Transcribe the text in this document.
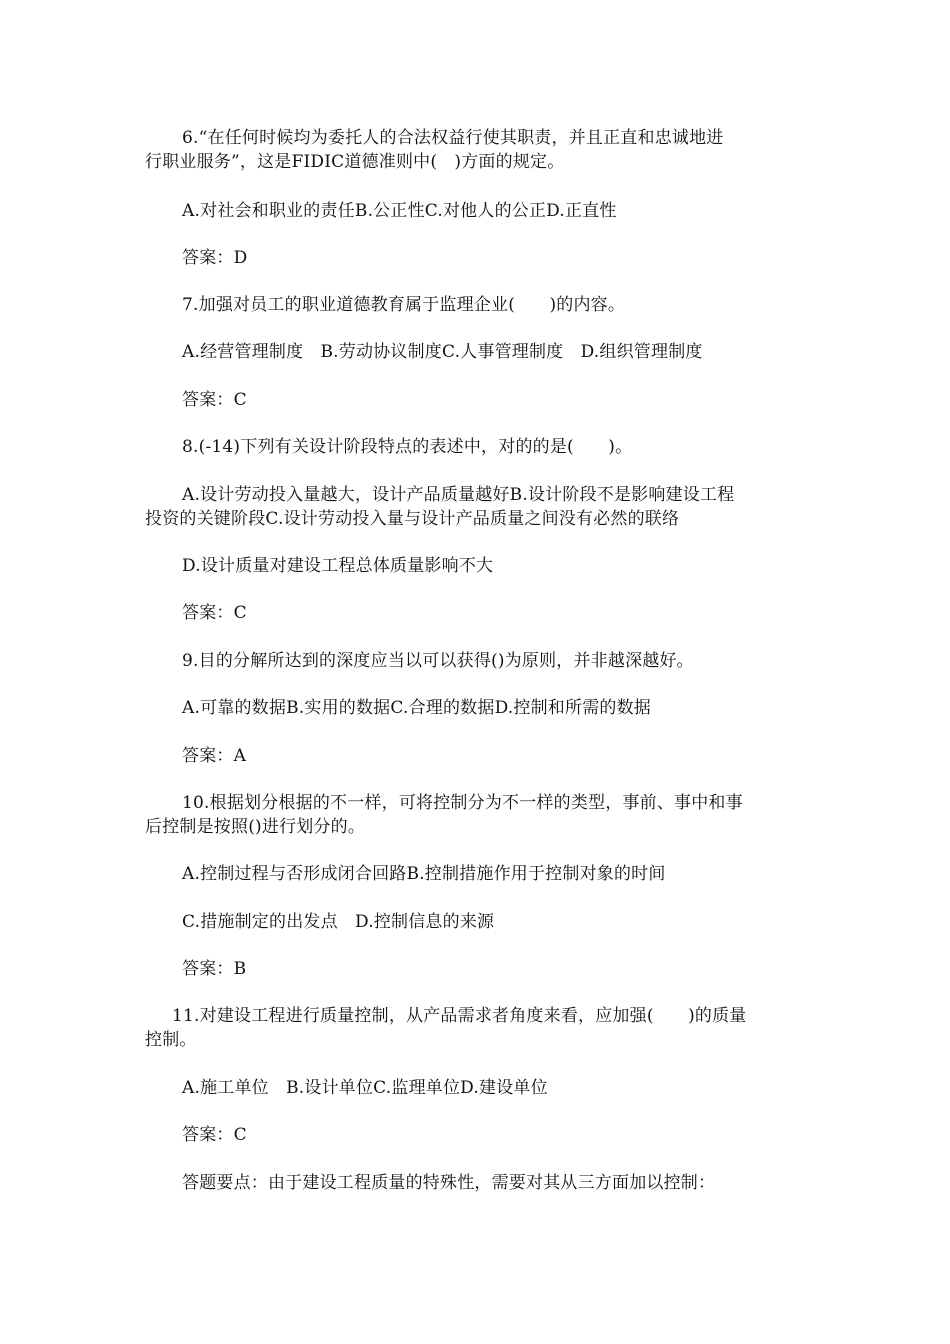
6.“在任何时候均为委托人的合法权益行使其职责，并且正直和忠诚地进

行职业服务”，这是FIDIC道德准则中(　)方面的规定。

A.对社会和职业的责任B.公正性C.对他人的公正D.正直性

答案：D

7.加强对员工的职业道德教育属于监理企业(　　)的内容。

A.经营管理制度　B.劳动协议制度C.人事管理制度　D.组织管理制度

答案：C

8.(-14)下列有关设计阶段特点的表述中，对的的是(　　)。

A.设计劳动投入量越大，设计产品质量越好B.设计阶段不是影响建设工程

投资的关键阶段C.设计劳动投入量与设计产品质量之间没有必然的联络

D.设计质量对建设工程总体质量影响不大

答案：C

9.目的分解所达到的深度应当以可以获得()为原则，并非越深越好。

A.可靠的数据B.实用的数据C.合理的数据D.控制和所需的数据

答案：A

10.根据划分根据的不一样，可将控制分为不一样的类型，事前、事中和事

后控制是按照()进行划分的。

A.控制过程与否形成闭合回路B.控制措施作用于控制对象的时间

C.措施制定的出发点　D.控制信息的来源

答案：B

11.对建设工程进行质量控制，从产品需求者角度来看，应加强(　　)的质量

控制。

A.施工单位　B.设计单位C.监理单位D.建设单位

答案：C

答题要点：由于建设工程质量的特殊性，需要对其从三方面加以控制：
